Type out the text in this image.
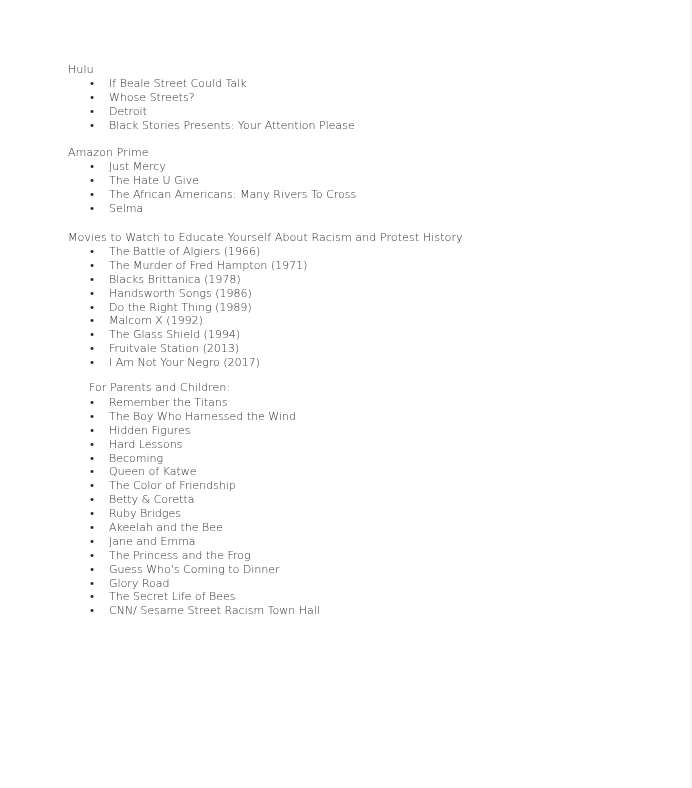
Hulu
• If Beale Street Could Talk
• Whose Streets?
• Detroit
• Black Stories Presents: Your Attention Please
Amazon Prime
• Just Mercy
• The Hate U Give
• The African Americans: Many Rivers To Cross
• Selma
Movies to Watch to Educate Yourself About Racism and Protest History
• The Battle of Algiers (1966)
• The Murder of Fred Hampton (1971)
• Blacks Brittanica (1978)
• Handsworth Songs (1986)
• Do the Right Thing (1989)
• Malcom X (1992)
• The Glass Shield (1994)
• Fruitvale Station (2013)
• I Am Not Your Negro (2017)
For Parents and Children:
• Remember the Titans
• The Boy Who Harnessed the Wind
• Hidden Figures
• Hard Lessons
• Becoming
• Queen of Katwe
• The Color of Friendship
• Betty & Coretta
• Ruby Bridges
• Akeelah and the Bee
• Jane and Emma
• The Princess and the Frog
• Guess Who's Coming to Dinner
• Glory Road
• The Secret Life of Bees
• CNN/ Sesame Street Racism Town Hall
